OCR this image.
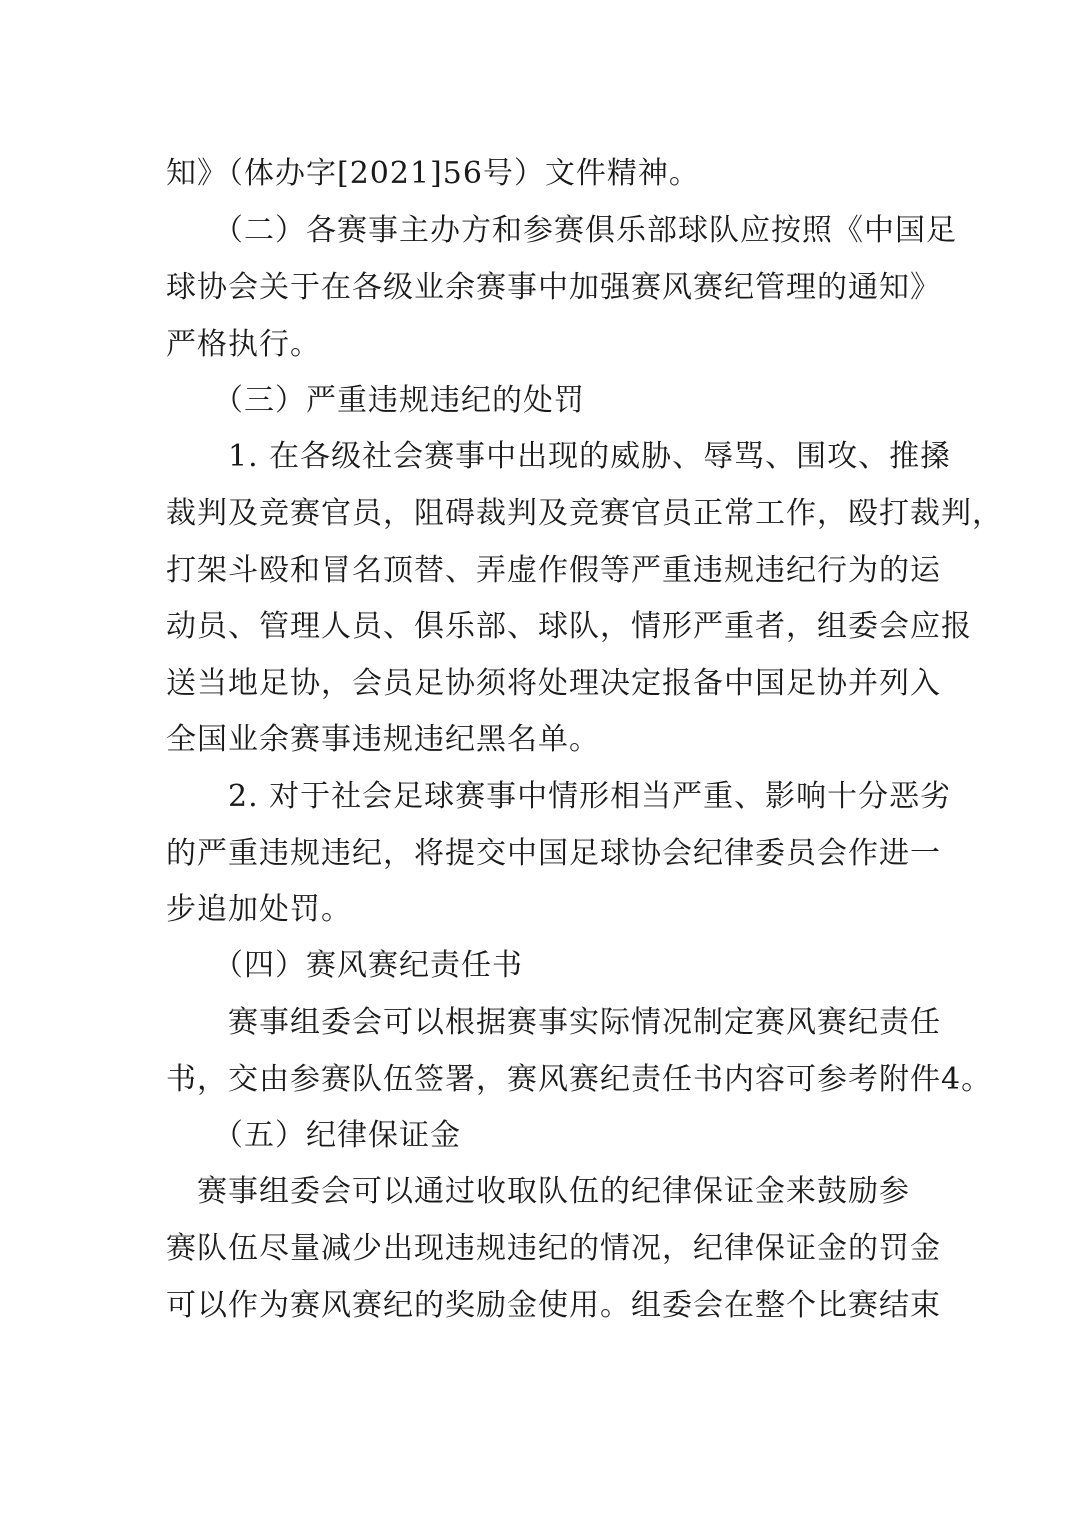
知》（体办字[2021]56号）文件精神。
　　（二）各赛事主办方和参赛俱乐部球队应按照《中国足
球协会关于在各级业余赛事中加强赛风赛纪管理的通知》
严格执行。
　　（三）严重违规违纪的处罚
　　1. 在各级社会赛事中出现的威胁、辱骂、围攻、推搡
裁判及竞赛官员，阻碍裁判及竞赛官员正常工作，殴打裁判，
打架斗殴和冒名顶替、弄虚作假等严重违规违纪行为的运
动员、管理人员、俱乐部、球队，情形严重者，组委会应报
送当地足协，会员足协须将处理决定报备中国足协并列入
全国业余赛事违规违纪黑名单。
　　2. 对于社会足球赛事中情形相当严重、影响十分恶劣
的严重违规违纪，将提交中国足球协会纪律委员会作进一
步追加处罚。
　　（四）赛风赛纪责任书
　　赛事组委会可以根据赛事实际情况制定赛风赛纪责任
书，交由参赛队伍签署，赛风赛纪责任书内容可参考附件4。
　　（五）纪律保证金
　赛事组委会可以通过收取队伍的纪律保证金来鼓励参
赛队伍尽量减少出现违规违纪的情况，纪律保证金的罚金
可以作为赛风赛纪的奖励金使用。组委会在整个比赛结束
